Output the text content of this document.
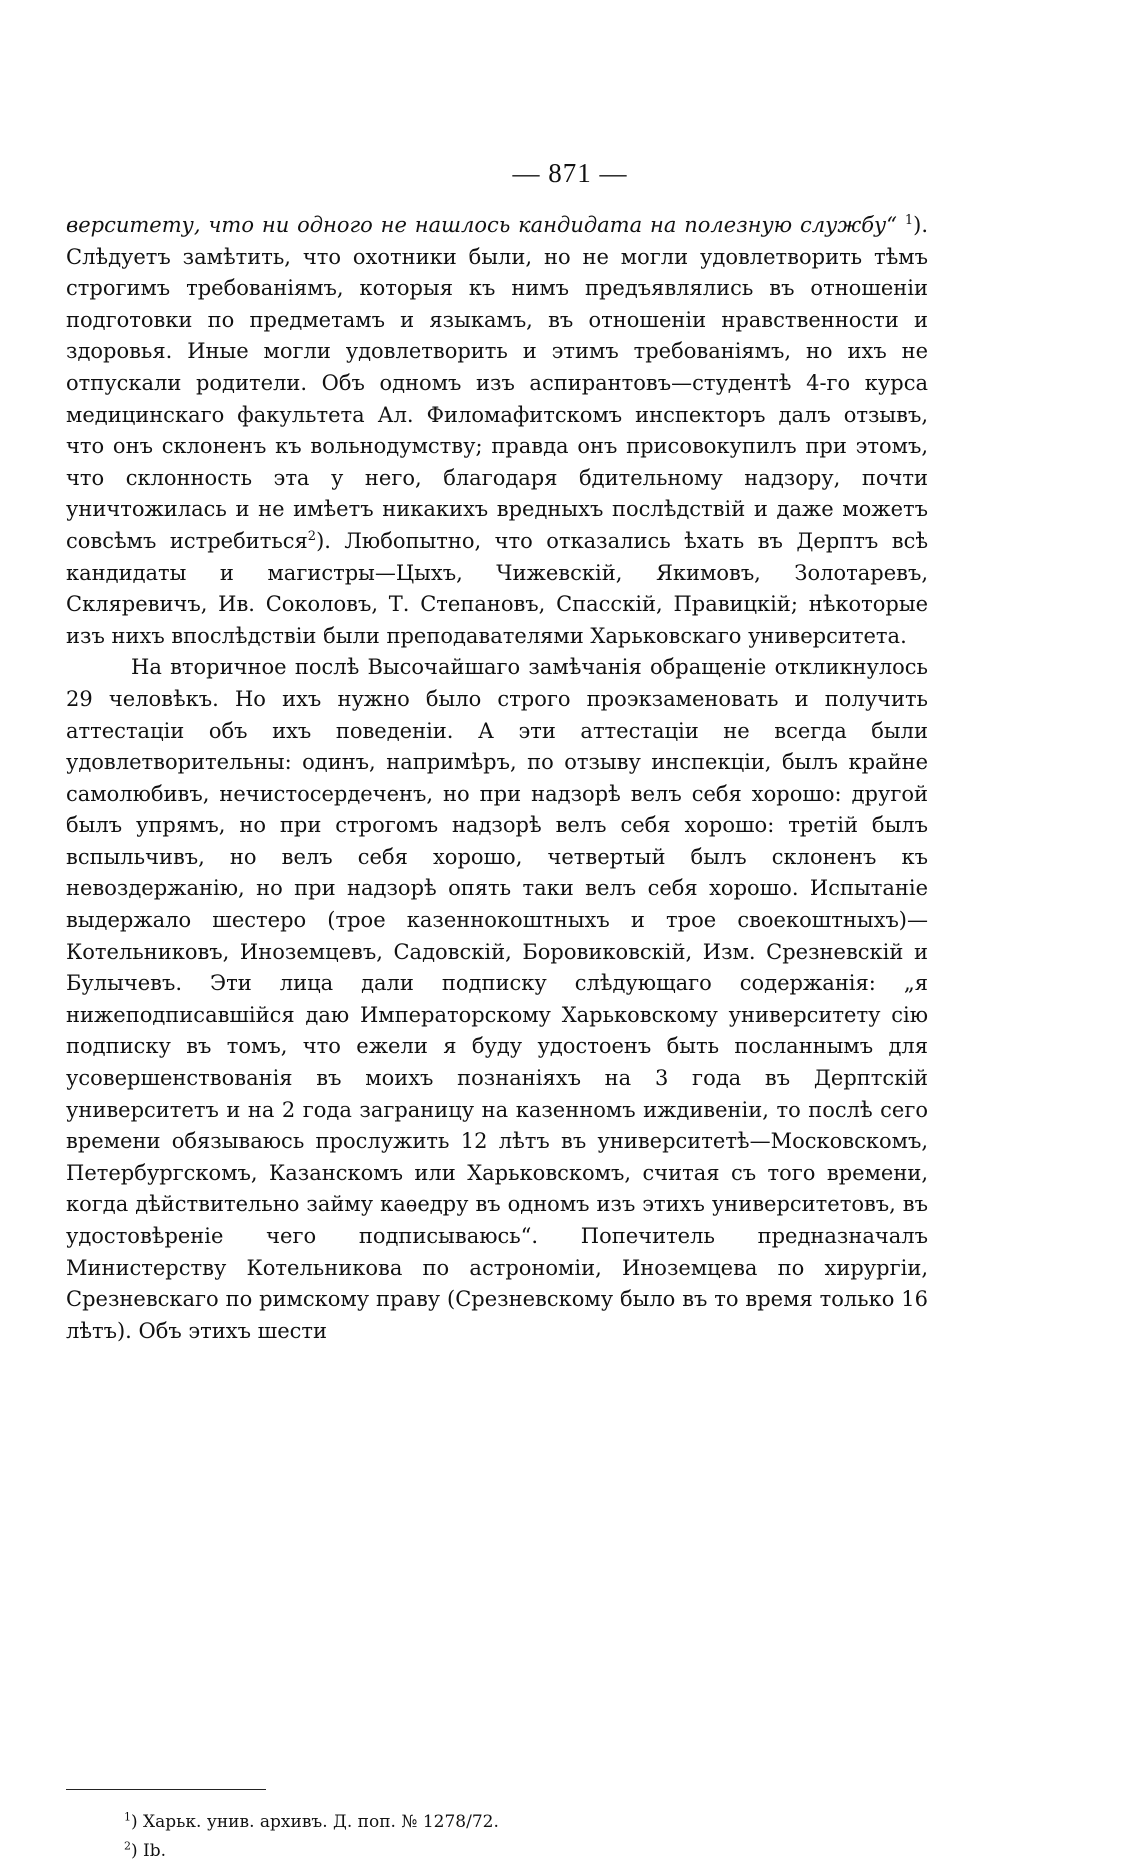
— 871 —

верситету, что ни одного не нашлось кандидата на полезную службу“ $^1$). Слѣдуетъ замѣтить, что охотники были, но не могли удовлетворить тѣмъ строгимъ требованіямъ, которыя къ нимъ предъявлялись въ отношеніи подготовки по предметамъ и языкамъ, въ отношеніи нравственности и здоровья. Иные могли удовлетворить и этимъ требованіямъ, но ихъ не отпускали родители. Объ одномъ изъ аспирантовъ—студентѣ 4-го курса медицинскаго факультета Ал. Филомафитскомъ инспекторъ далъ отзывъ, что онъ склоненъ къ вольнодумству; правда онъ присовокупилъ при этомъ, что склонность эта у него, благодаря бдительному надзору, почти уничтожилась и не имѣетъ никакихъ вредныхъ послѣдствій и даже можетъ совсѣмъ истребиться$^2$). Любопытно, что отказались ѣхать въ Дерптъ всѣ кандидаты и магистры—Цыхъ, Чижевскій, Якимовъ, Золотаревъ, Скляревичъ, Ив. Соколовъ, Т. Степановъ, Спасскій, Правицкій; нѣкоторые изъ нихъ впослѣдствіи были преподавателями Харьковскаго университета.

На вторичное послѣ Высочайшаго замѣчанія обращеніе откликнулось 29 человѣкъ. Но ихъ нужно было строго проэкзаменовать и получить аттестаціи объ ихъ поведеніи. А эти аттестаціи не всегда были удовлетворительны: одинъ, напримѣръ, по отзыву инспекціи, былъ крайне самолюбивъ, нечистосердеченъ, но при надзорѣ велъ себя хорошо: другой былъ упрямъ, но при строгомъ надзорѣ велъ себя хорошо: третій былъ вспыльчивъ, но велъ себя хорошо, четвертый былъ склоненъ къ невоздержанію, но при надзорѣ опять таки велъ себя хорошо. Испытаніе выдержало шестеро (трое казеннокоштныхъ и трое своекоштныхъ)—Котельниковъ, Иноземцевъ, Садовскій, Боровиковскій, Изм. Срезневскій и Булычевъ. Эти лица дали подписку слѣдующаго содержанія: „я нижеподписавшійся даю Императорскому Харьковскому университету сію подписку въ томъ, что ежели я буду удостоенъ быть посланнымъ для усовершенствованія въ моихъ познаніяхъ на 3 года въ Дерптскій университетъ и на 2 года заграницу на казенномъ иждивеніи, то послѣ сего времени обязываюсь прослужить 12 лѣтъ въ университетѣ—Московскомъ, Петербургскомъ, Казанскомъ или Харьковскомъ, считая съ того времени, когда дѣйствительно займу каѳедру въ одномъ изъ этихъ университетовъ, въ удостовѣреніе чего подписываюсь“. Попечитель предназначалъ Министерству Котельникова по астрономіи, Иноземцева по хирургіи, Срезневскаго по римскому праву (Срезневскому было въ то время только 16 лѣтъ). Объ этихъ шести

$^1$) Харьк. унив. архивъ. Д. поп. № 1278/72.
$^2$) Ib.
